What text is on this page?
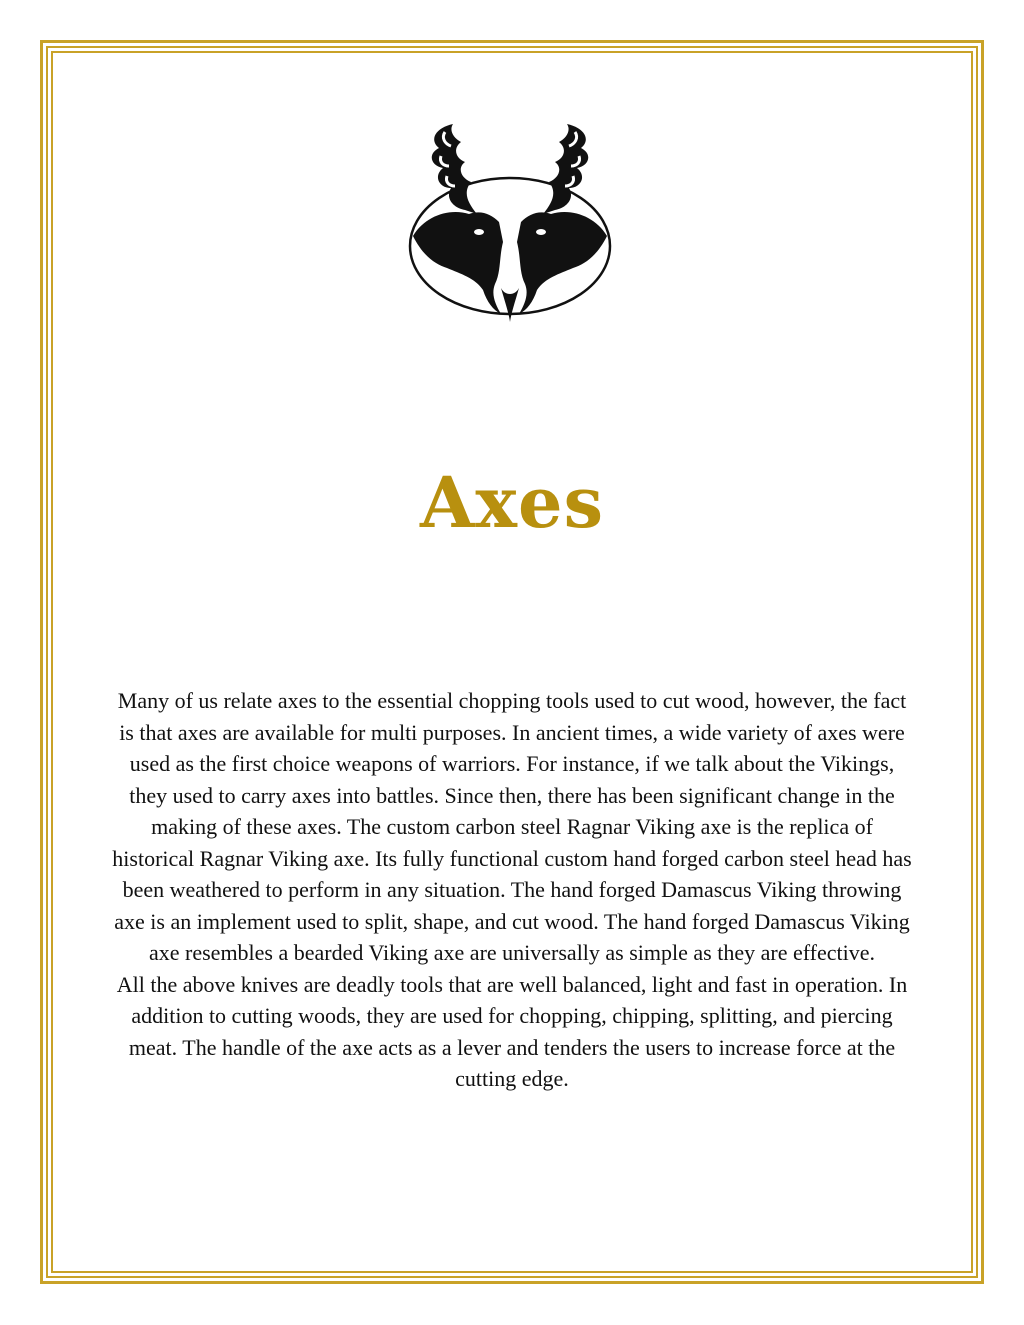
Axes

Many of us relate axes to the essential chopping tools used to cut wood, however, the fact is that axes are available for multi purposes. In ancient times, a wide variety of axes were used as the first choice weapons of warriors. For instance, if we talk about the Vikings, they used to carry axes into battles. Since then, there has been significant change in the making of these axes. The custom carbon steel Ragnar Viking axe is the replica of historical Ragnar Viking axe. Its fully functional custom hand forged carbon steel head has been weathered to perform in any situation. The hand forged Damascus Viking throwing axe is an implement used to split, shape, and cut wood. The hand forged Damascus Viking axe resembles a bearded Viking axe are universally as simple as they are effective.

All the above knives are deadly tools that are well balanced, light and fast in operation. In addition to cutting woods, they are used for chopping, chipping, splitting, and piercing meat. The handle of the axe acts as a lever and tenders the users to increase force at the cutting edge.
